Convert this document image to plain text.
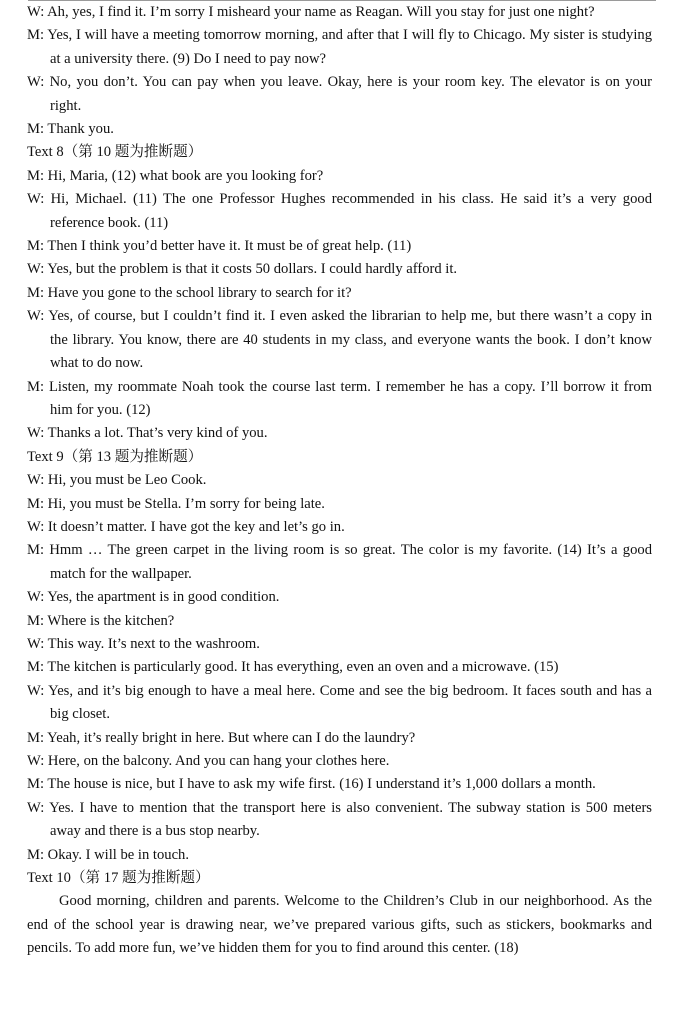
W: Ah, yes, I find it. I’m sorry I misheard your name as Reagan. Will you stay for just one night?

M: Yes, I will have a meeting tomorrow morning, and after that I will fly to Chicago. My sister is studying at a university there. (9) Do I need to pay now?

W: No, you don’t. You can pay when you leave. Okay, here is your room key. The elevator is on your right.

M: Thank you.

Text 8（第 10 题为推断题）

M: Hi, Maria, (12) what book are you looking for?

W: Hi, Michael. (11) The one Professor Hughes recommended in his class. He said it’s a very good reference book. (11)

M: Then I think you’d better have it. It must be of great help. (11)

W: Yes, but the problem is that it costs 50 dollars. I could hardly afford it.

M: Have you gone to the school library to search for it?

W: Yes, of course, but I couldn’t find it. I even asked the librarian to help me, but there wasn’t a copy in the library. You know, there are 40 students in my class, and everyone wants the book. I don’t know what to do now.

M: Listen, my roommate Noah took the course last term. I remember he has a copy. I’ll borrow it from him for you. (12)

W: Thanks a lot. That’s very kind of you.

Text 9（第 13 题为推断题）

W: Hi, you must be Leo Cook.

M: Hi, you must be Stella. I’m sorry for being late.

W: It doesn’t matter. I have got the key and let’s go in.

M: Hmm … The green carpet in the living room is so great. The color is my favorite. (14) It’s a good match for the wallpaper.

W: Yes, the apartment is in good condition.

M: Where is the kitchen?

W: This way. It’s next to the washroom.

M: The kitchen is particularly good. It has everything, even an oven and a microwave. (15)

W: Yes, and it’s big enough to have a meal here. Come and see the big bedroom. It faces south and has a big closet.

M: Yeah, it’s really bright in here. But where can I do the laundry?

W: Here, on the balcony. And you can hang your clothes here.

M: The house is nice, but I have to ask my wife first. (16) I understand it’s 1,000 dollars a month.

W: Yes. I have to mention that the transport here is also convenient. The subway station is 500 meters away and there is a bus stop nearby.

M: Okay. I will be in touch.

Text 10（第 17 题为推断题）

Good morning, children and parents. Welcome to the Children’s Club in our neighborhood. As the end of the school year is drawing near, we’ve prepared various gifts, such as stickers, bookmarks and pencils. To add more fun, we’ve hidden them for you to find around this center. (18)
